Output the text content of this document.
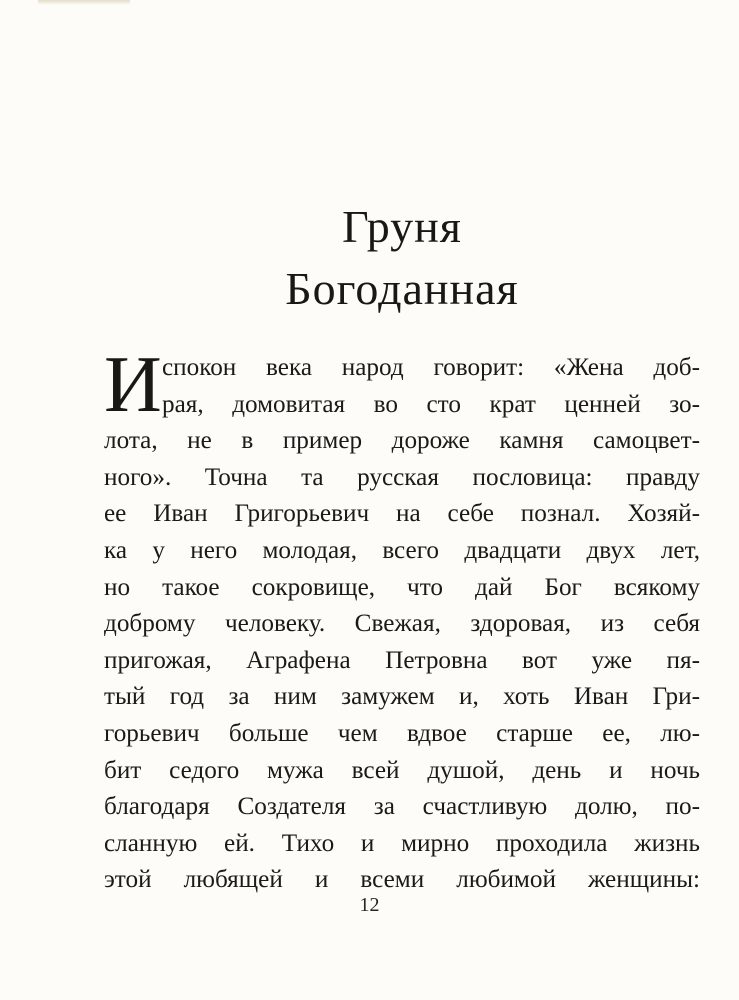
Груня
Богоданная
И спокон века народ говорит: «Жена доб-
рая, домовитая во сто крат ценней зо-
лота, не в пример дороже камня самоцвет-
ного». Точна та русская пословица: правду
ее Иван Григорьевич на себе познал. Хозяй-
ка у него молодая, всего двадцати двух лет,
но такое сокровище, что дай Бог всякому
доброму человеку. Свежая, здоровая, из себя
пригожая, Аграфена Петровна вот уже пя-
тый год за ним замужем и, хоть Иван Гри-
горьевич больше чем вдвое старше ее, лю-
бит седого мужа всей душой, день и ночь
благодаря Создателя за счастливую долю, по-
сланную ей. Тихо и мирно проходила жизнь
этой любящей и всеми любимой женщины:
12
